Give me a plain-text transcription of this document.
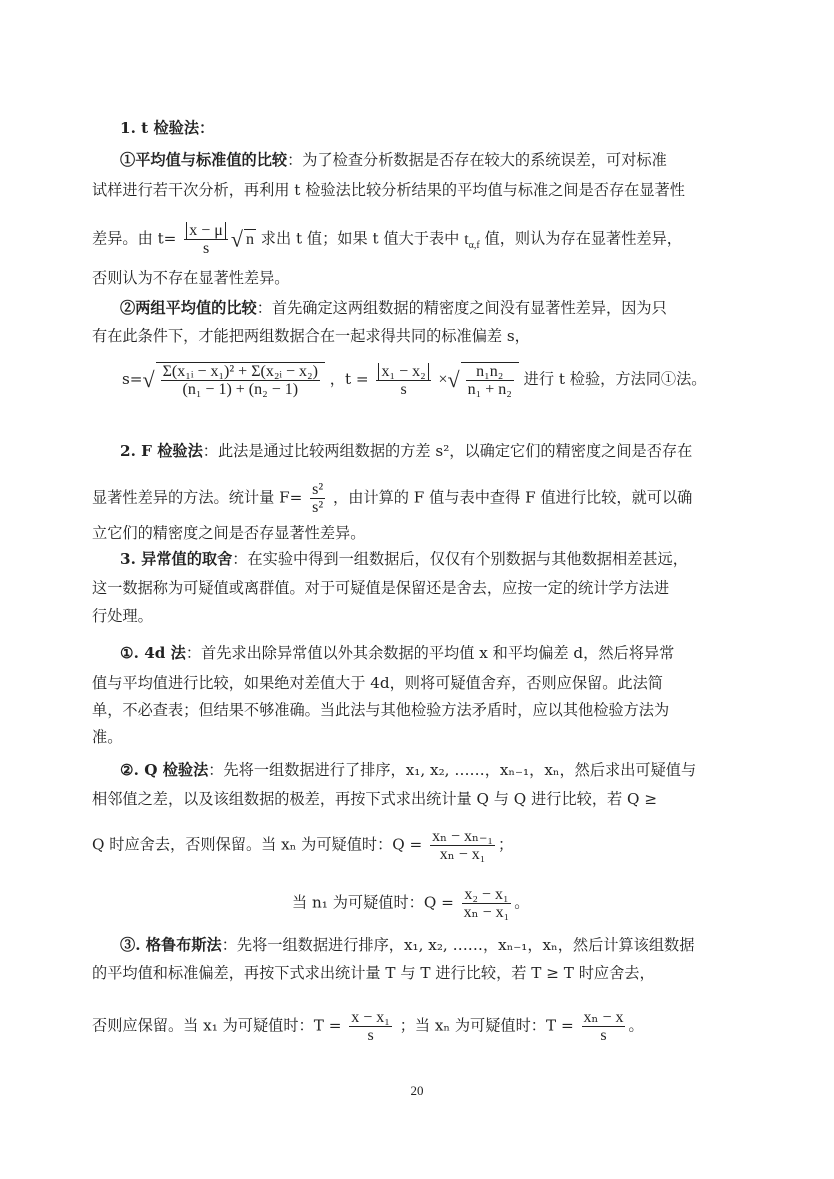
1. t 检验法：
①平均值与标准值的比较：为了检查分析数据是否存在较大的系统误差，可对标准
试样进行若干次分析，再利用 t 检验法比较分析结果的平均值与标准之间是否存在显著性
差异。由 $t= \frac{x - \mu}{s}$ √ n 求出 t 值；如果 t 值大于表中 $t_{\alpha,f}$ 值，则认为存在显著性差异，
否则认为不存在显著性差异。
②两组平均值的比较：首先确定这两组数据的精密度之间没有显著性差异，因为只
有在此条件下，才能把两组数据合在一起求得共同的标准偏差 s，
$s=√ \frac{\text{Σ(x₁ᵢ − x₁)² + Σ(x₂ᵢ − x₂)}}{\text{(n₁ − 1) + (n₂ − 1)}}$ ，$t = \frac{\text{x₁ − x₂}}{s}$ ×√ $\frac{\text{n₁n₂}}{\text{n₁ + n₂}}$ 进行 t 检验，方法同①法。
2. F 检验法：此法是通过比较两组数据的方差 s²，以确定它们的精密度之间是否存在
显著性差异的方法。统计量 $F= \frac{\text{s²}}{\text{s²}}$ ，由计算的 F 值与表中查得 F 值进行比较，就可以确
立它们的精密度之间是否存显著性差异。
3. 异常值的取舍：在实验中得到一组数据后，仅仅有个别数据与其他数据相差甚远，
这一数据称为可疑值或离群值。对于可疑值是保留还是舍去，应按一定的统计学方法进
行处理。
①. 4d 法：首先求出除异常值以外其余数据的平均值 x 和平均偏差 d，然后将异常
值与平均值进行比较，如果绝对差值大于 4d，则将可疑值舍弃，否则应保留。此法简
单，不必查表；但结果不够准确。当此法与其他检验方法矛盾时，应以其他检验方法为
准。
②. Q 检验法：先将一组数据进行了排序，x₁, x₂, ……，xₙ₋₁，xₙ，然后求出可疑值与
相邻值之差，以及该组数据的极差，再按下式求出统计量 Q 与 Q 进行比较，若 Q ≥
Q 时应舍去，否则保留。当 xₙ 为可疑值时：$Q = \frac{\text{xₙ − xₙ₋₁}}{\text{xₙ − x₁}}$ ；
当 n₁ 为可疑值时：$Q = \frac{\text{x₂ − x₁}}{\text{xₙ − x₁}}$ 。
③. 格鲁布斯法：先将一组数据进行排序，x₁, x₂, ……，xₙ₋₁，xₙ，然后计算该组数据
的平均值和标准偏差，再按下式求出统计量 T 与 T 进行比较，若 T ≥ T 时应舍去，
否则应保留。当 x₁ 为可疑值时：$T = \frac{\text{x − x₁}}{s}$ ；当 xₙ 为可疑值时：$T = \frac{\text{xₙ − x}}{s}$ 。
20
